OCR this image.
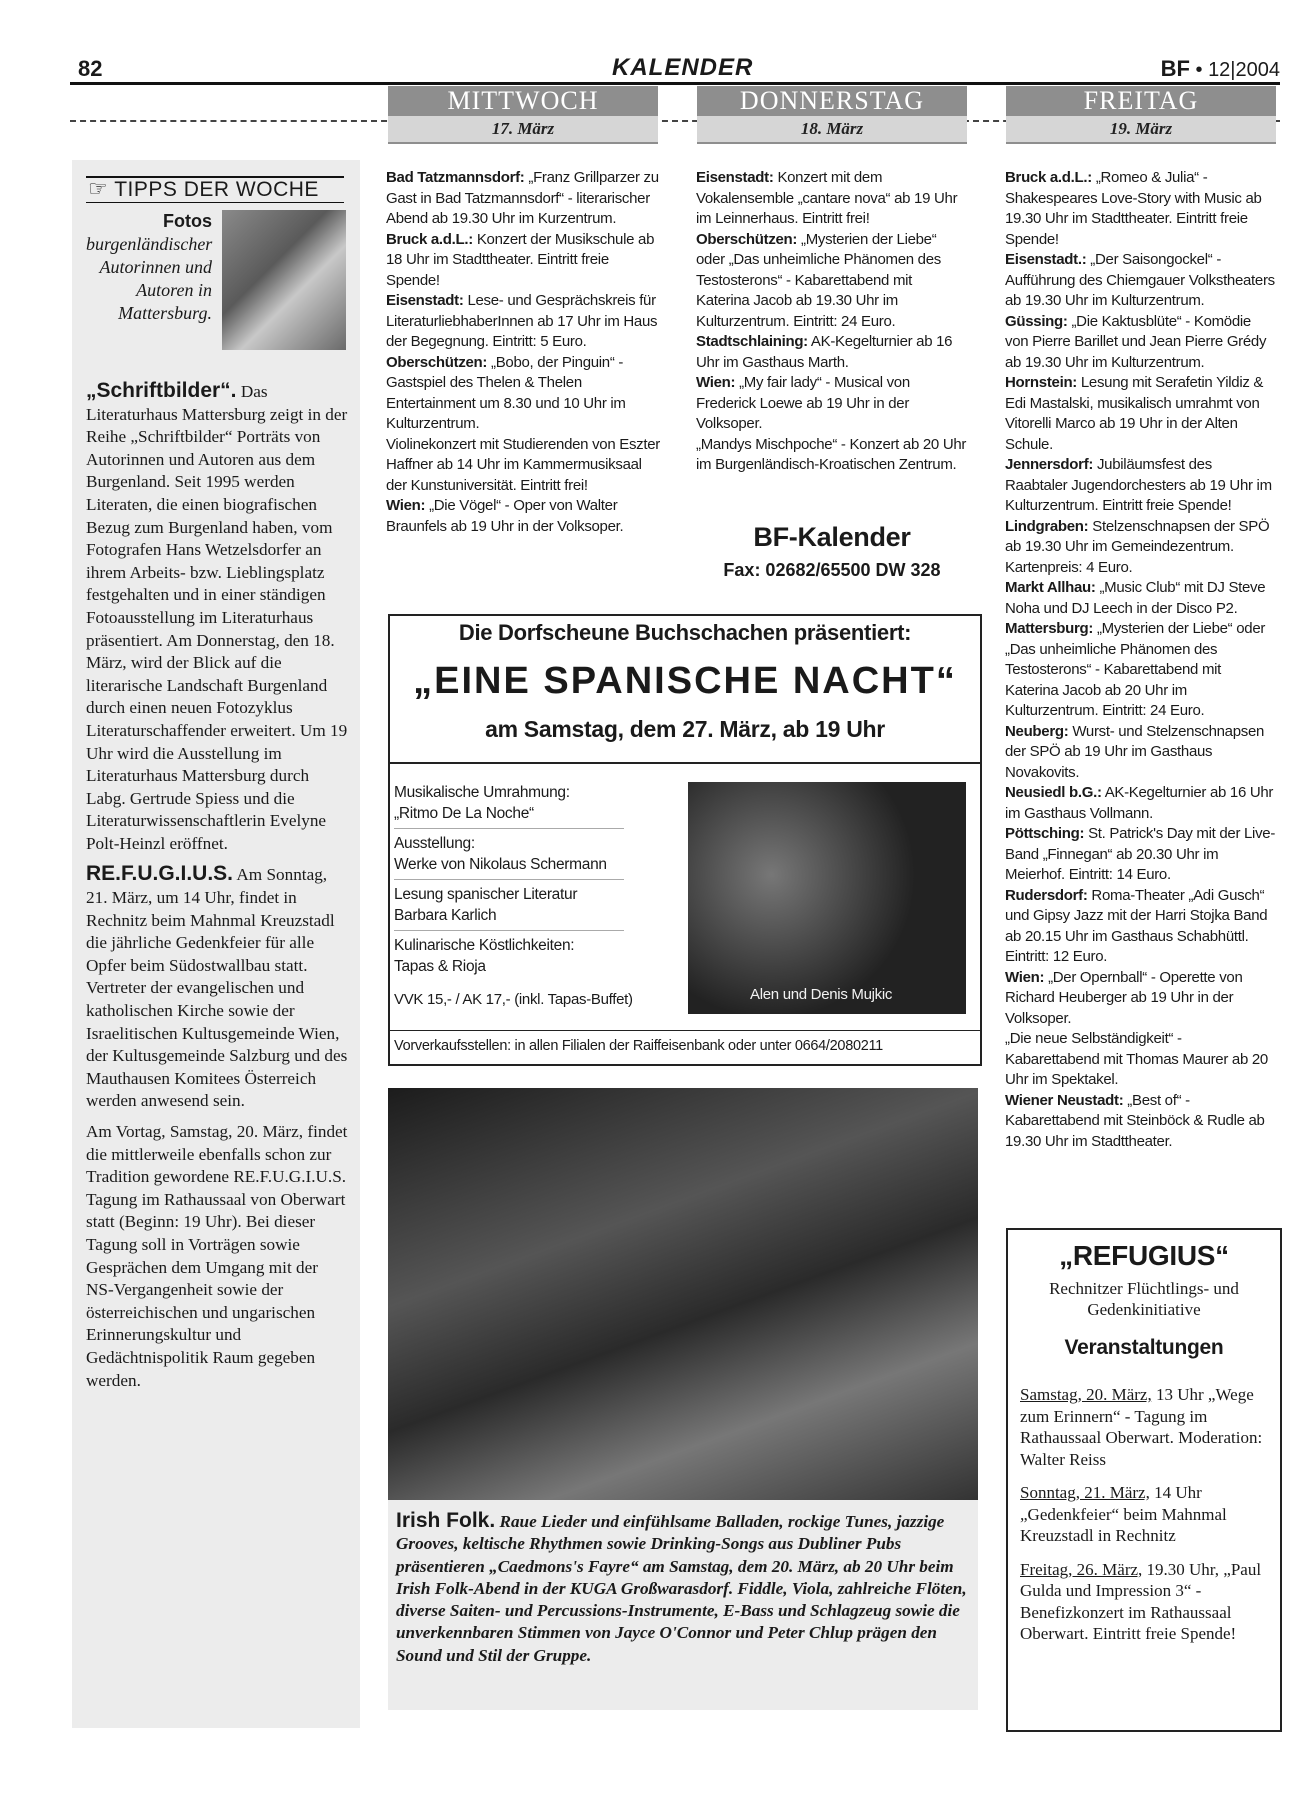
82	KALENDER	BF • 12|2004
MITTWOCH
17. März
DONNERSTAG
18. März
FREITAG
19. März
☞ TIPPS DER WOCHE
Fotos
burgenländischer Autorinnen und Autoren in Mattersburg.

„Schriftbilder“. Das Literaturhaus Mattersburg zeigt in der Reihe „Schriftbilder“ Porträts von Autorinnen und Autoren aus dem Burgenland. Seit 1995 werden Literaten, die einen biografischen Bezug zum Burgenland haben, vom Fotografen Hans Wetzelsdorfer an ihrem Arbeits- bzw. Lieblingsplatz festgehalten und in einer ständigen Fotoausstellung im Literaturhaus präsentiert. Am Donnerstag, den 18. März, wird der Blick auf die literarische Landschaft Burgenland durch einen neuen Fotozyklus Literaturschaffender erweitert. Um 19 Uhr wird die Ausstellung im Literaturhaus Mattersburg durch Labg. Gertrude Spiess und die Literaturwissenschaftlerin Evelyne Polt-Heinzl eröffnet.

RE.F.U.G.I.U.S. Am Sonntag, 21. März, um 14 Uhr, findet in Rechnitz beim Mahnmal Kreuzstadl die jährliche Gedenkfeier für alle Opfer beim Südostwallbau statt. Vertreter der evangelischen und katholischen Kirche sowie der Israelitischen Kultusgemeinde Wien, der Kultusgemeinde Salzburg und des Mauthausen Komitees Österreich werden anwesend sein.

Am Vortag, Samstag, 20. März, findet die mittlerweile ebenfalls schon zur Tradition gewordene RE.F.U.G.I.U.S. Tagung im Rathaussaal von Oberwart statt (Beginn: 19 Uhr). Bei dieser Tagung soll in Vorträgen sowie Gesprächen dem Umgang mit der NS-Vergangenheit sowie der österreichischen und ungarischen Erinnerungskultur und Gedächtnispolitik Raum gegeben werden.

Bad Tatzmannsdorf: „Franz Grillparzer zu Gast in Bad Tatzmannsdorf“ - literarischer Abend ab 19.30 Uhr im Kurzentrum.

Bruck a.d.L.: Konzert der Musikschule ab 18 Uhr im Stadttheater. Eintritt freie Spende!

Eisenstadt: Lese- und Gesprächskreis für LiteraturliebhaberInnen ab 17 Uhr im Haus der Begegnung. Eintritt: 5 Euro.

Oberschützen: „Bobo, der Pinguin“ - Gastspiel des Thelen & Thelen Entertainment um 8.30 und 10 Uhr im Kulturzentrum.

Violinekonzert mit Studierenden von Eszter Haffner ab 14 Uhr im Kammermusiksaal der Kunstuniversität. Eintritt frei!

Wien: „Die Vögel“ - Oper von Walter Braunfels ab 19 Uhr in der Volksoper.

Eisenstadt: Konzert mit dem Vokalensemble „cantare nova“ ab 19 Uhr im Leinnerhaus. Eintritt frei!

Oberschützen: „Mysterien der Liebe“ oder „Das unheimliche Phänomen des Testosterons“ - Kabarettabend mit Katerina Jacob ab 19.30 Uhr im Kulturzentrum. Eintritt: 24 Euro.

Stadtschlaining: AK-Kegelturnier ab 16 Uhr im Gasthaus Marth.

Wien: „My fair lady“ - Musical von Frederick Loewe ab 19 Uhr in der Volksoper.

„Mandys Mischpoche“ - Konzert ab 20 Uhr im Burgenländisch-Kroatischen Zentrum.

BF-Kalender
Fax: 02682/65500 DW 328

Bruck a.d.L.: „Romeo & Julia“ - Shakespeares Love-Story with Music ab 19.30 Uhr im Stadttheater. Eintritt freie Spende!

Eisenstadt.: „Der Saisongockel“ - Aufführung des Chiemgauer Volkstheaters ab 19.30 Uhr im Kulturzentrum.

Güssing: „Die Kaktusblüte“ - Komödie von Pierre Barillet und Jean Pierre Grédy ab 19.30 Uhr im Kulturzentrum.

Hornstein: Lesung mit Serafetin Yildiz & Edi Mastalski, musikalisch umrahmt von Vitorelli Marco ab 19 Uhr in der Alten Schule.

Jennersdorf: Jubiläumsfest des Raabtaler Jugendorchesters ab 19 Uhr im Kulturzentrum. Eintritt freie Spende!

Lindgraben: Stelzenschnapsen der SPÖ ab 19.30 Uhr im Gemeindezentrum. Kartenpreis: 4 Euro.

Markt Allhau: „Music Club“ mit DJ Steve Noha und DJ Leech in der Disco P2.

Mattersburg: „Mysterien der Liebe“ oder „Das unheimliche Phänomen des Testosterons“ - Kabarettabend mit Katerina Jacob ab 20 Uhr im Kulturzentrum. Eintritt: 24 Euro.

Neuberg: Wurst- und Stelzenschnapsen der SPÖ ab 19 Uhr im Gasthaus Novakovits.

Neusiedl b.G.: AK-Kegelturnier ab 16 Uhr im Gasthaus Vollmann.

Pöttsching: St. Patrick's Day mit der Live-Band „Finnegan“ ab 20.30 Uhr im Meierhof. Eintritt: 14 Euro.

Rudersdorf: Roma-Theater „Adi Gusch“ und Gipsy Jazz mit der Harri Stojka Band ab 20.15 Uhr im Gasthaus Schabhüttl. Eintritt: 12 Euro.

Wien: „Der Opernball“ - Operette von Richard Heuberger ab 19 Uhr in der Volksoper.

„Die neue Selbständigkeit“ - Kabarettabend mit Thomas Maurer ab 20 Uhr im Spektakel.

Wiener Neustadt: „Best of“ - Kabarettabend mit Steinböck & Rudle ab 19.30 Uhr im Stadttheater.

Die Dorfscheune Buchschachen präsentiert:
„EINE SPANISCHE NACHT“
am Samstag, dem 27. März, ab 19 Uhr
Musikalische Umrahmung:
„Ritmo De La Noche“
Ausstellung:
Werke von Nikolaus Schermann
Lesung spanischer Literatur
Barbara Karlich
Kulinarische Köstlichkeiten:
Tapas & Rioja
VVK 15,- / AK 17,- (inkl. Tapas-Buffet)	Alen und Denis Mujkic
Vorverkaufsstellen: in allen Filialen der Raiffeisenbank oder unter 0664/2080211
Irish Folk. Raue Lieder und einfühlsame Balladen, rockige Tunes, jazzige Grooves, keltische Rhythmen sowie Drinking-Songs aus Dubliner Pubs präsentieren „Caedmons's Fayre“ am Samstag, dem 20. März, ab 20 Uhr beim Irish Folk-Abend in der KUGA Großwarasdorf. Fiddle, Viola, zahlreiche Flöten, diverse Saiten- und Percussions-Instrumente, E-Bass und Schlagzeug sowie die unverkennbaren Stimmen von Jayce O'Connor und Peter Chlup prägen den Sound und Stil der Gruppe.
„REFUGIUS“
Rechnitzer Flüchtlings- und Gedenkinitiative
Veranstaltungen
Samstag, 20. März, 13 Uhr „Wege zum Erinnern“ - Tagung im Rathaussaal Oberwart. Moderation: Walter Reiss
Sonntag, 21. März, 14 Uhr „Gedenkfeier“ beim Mahnmal Kreuzstadl in Rechnitz
Freitag, 26. März, 19.30 Uhr, „Paul Gulda und Impression 3“ - Benefizkonzert im Rathaussaal Oberwart. Eintritt freie Spende!
